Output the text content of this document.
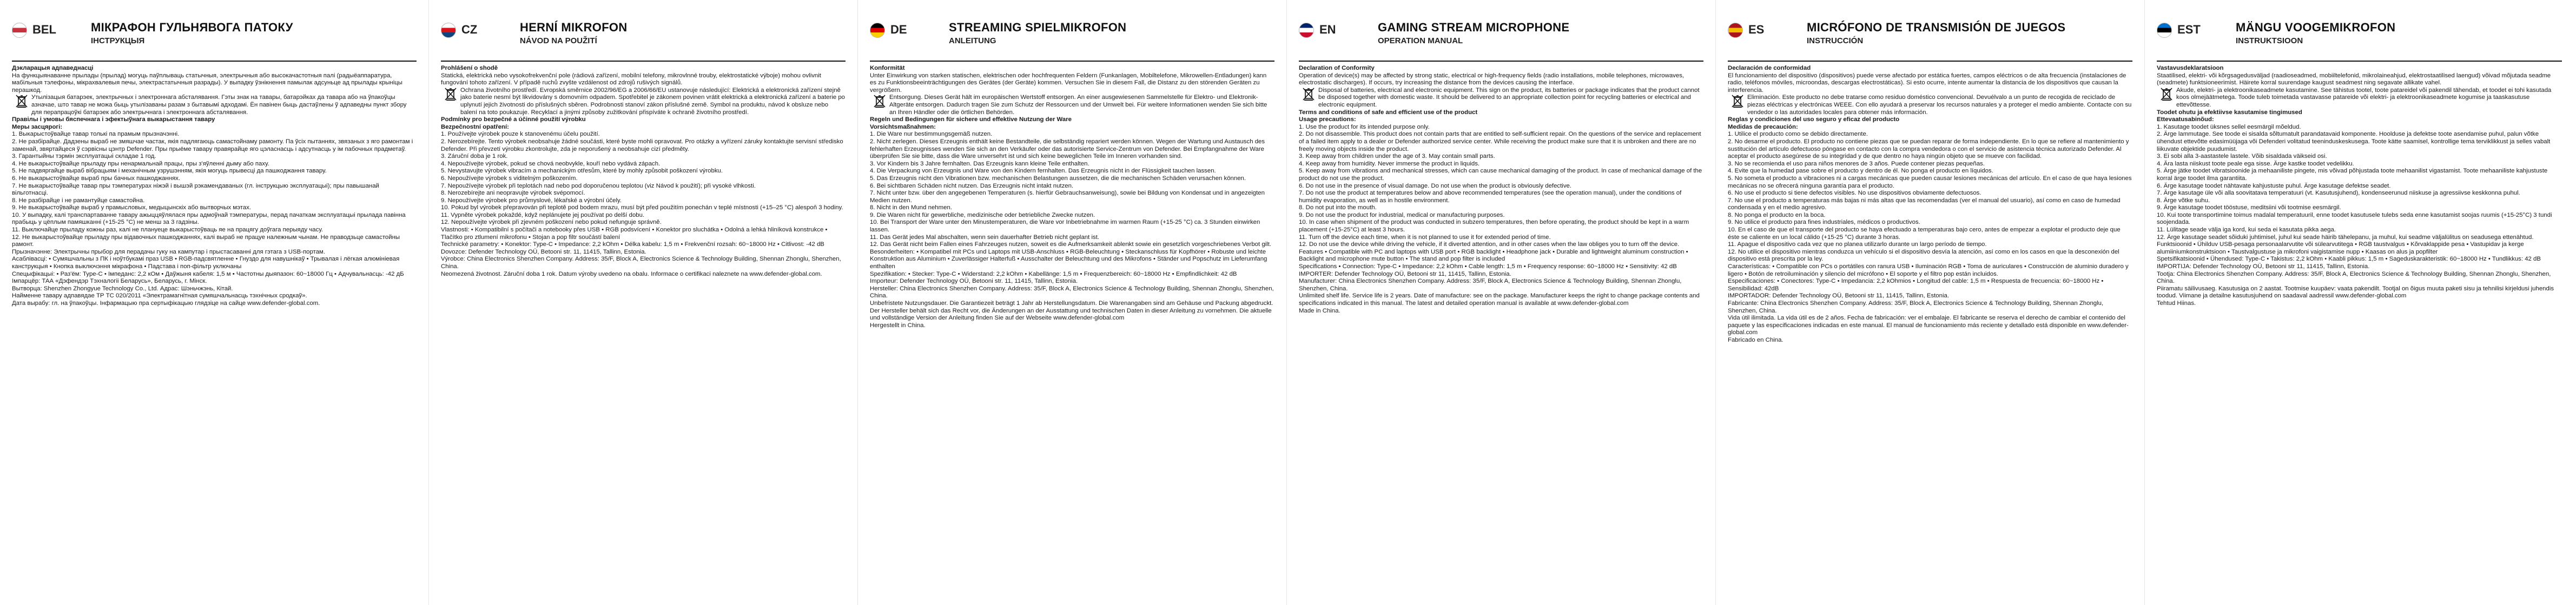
BEL	МІКРАФОН ГУЛЬНЯВОГА ПАТОКУ
ІНСТРУКЦЫЯ

Дэкларацыя адпаведнасці

На функцыянаванне прылады (прылад) могуць паўплываць статычныя, электрычныя або высокачастотныя палі (радыёаппаратура, мабільныя тэлефоны, мікрахвалевыя печы, электрастатычныя разрады). У выпадку ўзнікнення памылак адсуньце ад прылады крыніцы перашкод.

Утылізацыя батарэек, электрычных і электроннага абсталявання. Гэты знак на тавары, батарэйках да тавара або на ўпакоўцы азначае, што тавар не можа быць утылізаваны разам з бытавымі адходамі. Ён павінен быць дастаўлены ў адпаведны пункт збору для перапрацоўкі батарэек або электрычнага і электроннага абсталявання.

Правілы і умовы бяспечнага і эфектыўнага выкарыстання тавару

Меры засцярогі:

1. Выкарыстоўвайце тавар толькі па прамым прызначэнні.

2. Не разбірайце. Дадзены выраб не змяшчае частак, якія падлягаюць самастойнаму рамонту. Па ўсіх пытаннях, звязаных з яго рамонтам і заменай, звяртайцеся ў сэрвісны цэнтр Defender. Пры прыёме тавару правярайце яго цэласнасць і адсутнасць у ім пабочных прадметаў.

3. Гарантыйны тэрмін эксплуатацыі складае 1 год.

4. Не выкарыстоўвайце прыладу пры ненармальнай працы, пры з'яўленні дыму або паху.

5. Не падвяргайце выраб вібрацыям і механічным узрушэнням, якія могуць прывесці да пашкоджання тавару.

6. Не выкарыстоўвайце выраб пры бачных пашкоджаннях.

7. Не выкарыстоўвайце тавар пры тэмпературах ніжэй і вышэй рэкамендаваных (гл. інструкцыю эксплуатацыі); пры павышанай вільготнасці.

8. Не разбірайце і не рамантуйце самастойна.

9. Не выкарыстоўвайце выраб у прамысловых, медыцынскіх або вытворчых мэтах.

10. У выпадку, калі транспартаванне тавару ажыццяўлялася пры адмоўнай тэмпературы, перад пачаткам эксплуатацыі прылада павінна прабыць у цёплым памяшканні (+15-25 °С) не менш за 3 гадзіны.

11. Выключайце прыладу кожны раз, калі не плануеце выкарыстоўваць яе на працягу доўгага перыяду часу.

12. Не выкарыстоўвайце прыладу пры відавочных пашкоджаннях, калі выраб не працуе належным чынам. Не праводзьце самастойны рамонт.

Прызначэнне: Электрычны прыбор для перадачы гуку на кампутар і прыстасаванні для гэтага з USB-портам.

Асаблівасці: • Сумяшчальны з ПК і ноўтбукамі праз USB • RGB-падсвятленне • Гнуздо для навушнікаў • Трывалая і лёгкая алюмініевая канструкцыя • Кнопка выключэння мікрафона • Падстава і поп-фільтр уключаны

Спецыфікацыі: • Раз'ём: Type-C • Імпеданс: 2,2 кОм • Даўжыня кабеля: 1,5 м • Частотны дыяпазон: 60~18000 Гц • Адчувальнасць: -42 дБ

Імпарцёр: ТАА «Дэфендэр Тэхналогіі Беларусь», Беларусь, г. Мінск.

Вытворца: Shenzhen Zhongyue Technology Co., Ltd. Адрас: Шэньчжэнь, Кітай.

Найменне тавару адпавядае ТР ТС 020/2011 «Электрамагнітная сумяшчальнасць тэхнічных сродкаў».

Дата вырабу: гл. на ўпакоўцы. Інфармацыю пра сертыфікацыю глядзіце на сайце www.defender-global.com.

CZ	HERNÍ MIKROFON
NÁVOD NA POUŽITÍ

Prohlášení o shodě

Statická, elektrická nebo vysokofrekvenční pole (rádiová zařízení, mobilní telefony, mikrovlnné trouby, elektrostatické výboje) mohou ovlivnit fungování tohoto zařízení. V případě ruchů zvyšte vzdálenost od zdrojů rušivých signálů.

Ochrana životního prostředí. Evropská směrnice 2002/96/EG a 2006/66/EU ustanovuje následující: Elektrická a elektronická zařízení stejně jako baterie nesmí být likvidovány s domovním odpadem. Spotřebitel je zákonem povinen vrátit elektrická a elektronická zařízení a baterie po uplynutí jejich životnosti do příslušných sběren. Podrobnosti stanoví zákon příslušné země. Symbol na produktu, návod k obsluze nebo balení na toto poukazuje. Recyklací a jinými způsoby zužitkování přispíváte k ochraně životního prostředí.

Podmínky pro bezpečné a účinné použití výrobku

Bezpečnostní opatření:

1. Používejte výrobek pouze k stanovenému účelu použití.

2. Nerozebírejte. Tento výrobek neobsahuje žádné součásti, které byste mohli opravovat. Pro otázky a vyřízení záruky kontaktujte servisní středisko Defender. Při převzetí výrobku zkontrolujte, zda je neporušený a neobsahuje cizí předměty.

3. Záruční doba je 1 rok.

4. Nepoužívejte výrobek, pokud se chová neobvykle, kouří nebo vydává zápach.

5. Nevystavujte výrobek vibracím a mechanickým otřesům, které by mohly způsobit poškození výrobku.

6. Nepoužívejte výrobek s viditelným poškozením.

7. Nepoužívejte výrobek při teplotách nad nebo pod doporučenou teplotou (viz Návod k použití); při vysoké vlhkosti.

8. Nerozebírejte ani neopravujte výrobek svépomocí.

9. Nepoužívejte výrobek pro průmyslové, lékařské a výrobní účely.

10. Pokud byl výrobek přepravován při teplotě pod bodem mrazu, musí být před použitím ponechán v teplé místnosti (+15–25 °C) alespoň 3 hodiny.

11. Vypněte výrobek pokaždé, když neplánujete jej používat po delší dobu.

12. Nepoužívejte výrobek při zjevném poškození nebo pokud nefunguje správně.

Vlastnosti: • Kompatibilní s počítači a notebooky přes USB • RGB podsvícení • Konektor pro sluchátka • Odolná a lehká hliníková konstrukce • Tlačítko pro ztlumení mikrofonu • Stojan a pop filtr součástí balení

Technické parametry: • Konektor: Type-C • Impedance: 2,2 kOhm • Délka kabelu: 1,5 m • Frekvenční rozsah: 60~18000 Hz • Citlivost: -42 dB

Dovozce: Defender Technology OÜ, Betooni str. 11, 11415, Tallinn, Estonia.

Výrobce: China Electronics Shenzhen Company. Address: 35/F, Block A, Electronics Science & Technology Building, Shennan Zhonglu, Shenzhen, China.

Neomezená životnost. Záruční doba 1 rok. Datum výroby uvedeno na obalu. Informace o certifikaci naleznete na www.defender-global.com.

DE	STREAMING SPIELMIKROFON
ANLEITUNG

Konformität

Unter Einwirkung von starken statischen, elektrischen oder hochfrequenten Feldern (Funkanlagen, Mobiltelefone, Mikrowellen-Entladungen) kann es zu Funktionsbeeinträchtigungen des Gerätes (der Geräte) kommen. Versuchen Sie in diesem Fall, die Distanz zu den störenden Geräten zu vergrößern.

Entsorgung. Dieses Gerät hält im europäischen Wertstoff entsorgen. An einer ausgewiesenen Sammelstelle für Elektro- und Elektronik-Altgeräte entsorgen. Dadurch tragen Sie zum Schutz der Ressourcen und der Umwelt bei. Für weitere Informationen wenden Sie sich bitte an Ihren Händler oder die örtlichen Behörden.

Regeln und Bedingungen für sichere und effektive Nutzung der Ware

Vorsichtsmaßnahmen:

1. Die Ware nur bestimmungsgemäß nutzen.

2. Nicht zerlegen. Dieses Erzeugnis enthält keine Bestandteile, die selbständig repariert werden können. Wegen der Wartung und Austausch des fehlerhaften Erzeugnisses wenden Sie sich an den Verkäufer oder das autorisierte Service-Zentrum von Defender. Bei Empfangnahme der Ware überprüfen Sie sie bitte, dass die Ware unversehrt ist und sich keine beweglichen Teile im Inneren vorhanden sind.

3. Vor Kindern bis 3 Jahre fernhalten. Das Erzeugnis kann kleine Teile enthalten.

4. Die Verpackung von Erzeugnis und Ware von den Kindern fernhalten. Das Erzeugnis nicht in der Flüssigkeit tauchen lassen.

5. Das Erzeugnis nicht den Vibrationen bzw. mechanischen Belastungen aussetzen, die die mechanischen Schäden verursachen können.

6. Bei sichtbaren Schäden nicht nutzen. Das Erzeugnis nicht intakt nutzen.

7. Nicht unter bzw. über den angegebenen Temperaturen (s. hierfür Gebrauchsanweisung), sowie bei Bildung von Kondensat und in angezeigten Medien nutzen.

8. Nicht in den Mund nehmen.

9. Die Waren nicht für gewerbliche, medizinische oder betriebliche Zwecke nutzen.

10. Bei Transport der Ware unter den Minustemperaturen, die Ware vor Inbetriebnahme im warmen Raum (+15-25 °C) ca. 3 Stunden einwirken lassen.

11. Das Gerät jedes Mal abschalten, wenn sein dauerhafter Betrieb nicht geplant ist.

12. Das Gerät nicht beim Fallen eines Fahrzeuges nutzen, soweit es die Aufmerksamkeit ablenkt sowie ein gesetzlich vorgeschriebenes Verbot gilt.

Besonderheiten: • Kompatibel mit PCs und Laptops mit USB-Anschluss • RGB-Beleuchtung • Steckanschluss für Kopfhörer • Robuste und leichte Konstruktion aus Aluminium • Zuverlässiger Halterfuß • Ausschalter der Beleuchtung und des Mikrofons • Ständer und Popschutz im Lieferumfang enthalten

Spezifikation: • Stecker: Type-C • Widerstand: 2,2 kOhm • Kabellänge: 1,5 m • Frequenzbereich: 60~18000 Hz • Empfindlichkeit: 42 dB

Importeur: Defender Technology OÜ, Betooni str. 11, 11415, Tallinn, Estonia.

Hersteller: China Electronics Shenzhen Company. Address: 35/F, Block A, Electronics Science & Technology Building, Shennan Zhonglu, Shenzhen, China.

Unbefristete Nutzungsdauer. Die Garantiezeit beträgt 1 Jahr ab Herstellungsdatum. Die Warenangaben sind am Gehäuse und Packung abgedruckt. Der Hersteller behält sich das Recht vor, die Änderungen an der Ausstattung und technischen Daten in dieser Anleitung zu vornehmen. Die aktuelle und vollständige Version der Anleitung finden Sie auf der Webseite www.defender-global.com

Hergestellt in China.

EN	GAMING STREAM MICROPHONE
OPERATION MANUAL

Declaration of Conformity

Operation of device(s) may be affected by strong static, electrical or high-frequency fields (radio installations, mobile telephones, microwaves, electrostatic discharges). If occurs, try increasing the distance from the devices causing the interface.

Disposal of batteries, electrical and electronic equipment. This sign on the product, its batteries or package indicates that the product cannot be disposed together with domestic waste. It should be delivered to an appropriate collection point for recycling batteries or electrical and electronic equipment.

Terms and conditions of safe and efficient use of the product

Usage precautions:

1. Use the product for its intended purpose only.

2. Do not disassemble. This product does not contain parts that are entitled to self-sufficient repair. On the questions of the service and replacement of a failed item apply to a dealer or Defender authorized service center. While receiving the product make sure that it is unbroken and there are no freely moving objects inside the product.

3. Keep away from children under the age of 3. May contain small parts.

4. Keep away from humidity. Never immerse the product in liquids.

5. Keep away from vibrations and mechanical stresses, which can cause mechanical damaging of the product. In case of mechanical damage of the product do not use the product.

6. Do not use in the presence of visual damage. Do not use when the product is obviously defective.

7. Do not use the product at temperatures below and above recommended temperatures (see the operation manual), under the conditions of humidity evaporation, as well as in hostile environment.

8. Do not put into the mouth.

9. Do not use the product for industrial, medical or manufacturing purposes.

10. In case when shipment of the product was conducted in subzero temperatures, then before operating, the product should be kept in a warm placement (+15-25°C) at least 3 hours.

11. Turn off the device each time, when it is not planned to use it for extended period of time.

12. Do not use the device while driving the vehicle, if it diverted attention, and in other cases when the law obliges you to turn off the device.

Features • Compatible with PC and laptops with USB port • RGB backlight • Headphone jack • Durable and lightweight aluminum construction • Backlight and microphone mute button • The stand and pop filter is included

Specifications • Connection: Type-C • Impedance: 2,2 kOhm • Cable length: 1,5 m • Frequency response: 60~18000 Hz • Sensitivity: 42 dB

IMPORTER: Defender Technology OÜ, Betooni str 11, 11415, Tallinn, Estonia.

Manufacturer: China Electronics Shenzhen Company. Address: 35/F, Block A, Electronics Science & Technology Building, Shennan Zhonglu, Shenzhen, China.

Unlimited shelf life. Service life is 2 years. Date of manufacture: see on the package. Manufacturer keeps the right to change package contents and specifications indicated in this manual. The latest and detailed operation manual is available at www.defender-global.com

Made in China.

ES	MICRÓFONO DE TRANSMISIÓN DE JUEGOS
INSTRUCCIÓN

Declaración de conformidad

El funcionamiento del dispositivo (dispositivos) puede verse afectado por estática fuertes, campos eléctricos o de alta frecuencia (instalaciones de radio, teléfonos móviles, microondas, descargas electrostáticas). Si esto ocurre, intente aumentar la distancia de los dispositivos que causan la interferencia.

Eliminación. Este producto no debe tratarse como residuo doméstico convencional. Devuélvalo a un punto de recogida de reciclado de piezas eléctricas y electrónicas WEEE. Con ello ayudará a preservar los recursos naturales y a proteger el medio ambiente. Contacte con su vendedor o las autoridades locales para obtener más información.

Reglas y condiciones del uso seguro y eficaz del producto

Medidas de precaución:

1. Utilice el producto como se debido directamente.

2. No desarme el producto. El producto no contiene piezas que se puedan reparar de forma independiente. En lo que se refiere al mantenimiento y sustitución del artículo defectuoso póngase en contacto con la compra vendedora o con el servicio de asistencia técnica autorizado Defender. Al aceptar el producto asegúrese de su integridad y de que dentro no haya ningún objeto que se mueve con facilidad.

3. No se recomienda el uso para niños menores de 3 años. Puede contener piezas pequeñas.

4. Evite que la humedad pase sobre el producto y dentro de él. No ponga el producto en líquidos.

5. No someta el producto a vibraciones ni a cargas mecánicas que pueden causar lesiones mecánicas del artículo. En el caso de que haya lesiones mecánicas no se ofrecerá ninguna garantía para el producto.

6. No use el producto si tiene defectos visibles. No use dispositivos obviamente defectuosos.

7. No use el producto a temperaturas más bajas ni más altas que las recomendadas (ver el manual del usuario), así como en caso de humedad condensada y en el medio agresivo.

8. No ponga el producto en la boca.

9. No utilice el producto para fines industriales, médicos o productivos.

10. En el caso de que el transporte del producto se haya efectuado a temperaturas bajo cero, antes de empezar a explotar el producto deje que éste se caliente en un local cálido (+15-25 °C) durante 3 horas.

11. Apague el dispositivo cada vez que no planea utilizarlo durante un largo período de tiempo.

12. No utilice el dispositivo mientras conduzca un vehículo si el dispositivo desvía la atención, así como en los casos en que la desconexión del dispositivo está prescrita por la ley.

Características: • Compatible con PCs o portátiles con ranura USB • Iluminación RGB • Toma de auriculares • Construcción de aluminio duradero y ligero • Botón de retroiluminación y silencio del micrófono • El soporte y el filtro pop están incluidos.

Especificaciones: • Conectores: Type-C • Impedancia: 2,2 kOhmios • Longitud del cable: 1,5 m • Respuesta de frecuencia: 60~18000 Hz • Sensibilidad: 42dB

IMPORTADOR: Defender Technology OÜ, Betooni str 11, 11415, Tallinn, Estonia.

Fabricante: China Electronics Shenzhen Company. Address: 35/F, Block A, Electronics Science & Technology Building, Shennan Zhonglu, Shenzhen, China.

Vida útil ilimitada. La vida útil es de 2 años. Fecha de fabricación: ver el embalaje. El fabricante se reserva el derecho de cambiar el contenido del paquete y las especificaciones indicadas en este manual. El manual de funcionamiento más reciente y detallado está disponible en www.defender-global.com

Fabricado en China.

EST	MÄNGU VOOGEMIKROFON
INSTRUKTSIOON

Vastavusdeklaratsioon

Staatilised, elektri- või kõrgsagedusväljad (raadioseadmed, mobiiltelefonid, mikrolaineahjud, elektrostaatilised laengud) võivad mõjutada seadme (seadmete) funktsioneerimist. Häirete korral suurendage kaugust seadmest ning segavate allikate vahel.

Akude, elektri- ja elektroonikaseadmete kasutamine. See tähistus tootel, toote patareidel või pakendil tähendab, et toodet ei tohi kasutada koos olmejäätmetega. Toode tuleb toimetada vastavasse patareide või elektri- ja elektroonikaseadmete kogumise ja taaskasutuse ettevõttesse.

Toodet ohutu ja efektiivse kasutamise tingimused

Ettevaatusabinõud:

1. Kasutage toodet üksnes sellel eesmärgil mõeldud.

2. Ärge lammutage. See toode ei sisalda sõltumatult parandatavaid komponente. Hoolduse ja defektse toote asendamise puhul, palun võtke ühendust ettevõtte edasimüüjaga või Defenderi volitatud teeninduskeskusega. Toote kätte saamisel, kontrollige tema terviklikkust ja selles vabalt liikuvate objektide puudumist.

3. Ei sobi alla 3-aastastele lastele. Võib sisaldada väikseid osi.

4. Ära lasta niiskust toote peale ega sisse. Ärge kastke toodet vedelikku.

5. Ärge jätke toodet vibratsioonide ja mehaaniliste pingete, mis võivad põhjustada toote mehaanilist vigastamist. Toote mehaaniliste kahjustuste korral ärge toodet ilma garantiita.

6. Ärge kasutage toodet nähtavate kahjustuste puhul. Ärge kasutage defektse seadet.

7. Ärge kasutage üle või alla soovitatava temperatuuri (vt. Kasutusjuhend), kondenseerunud niiskuse ja agressiivse keskkonna puhul.

8. Ärge võtke suhu.

9. Ärge kasutage toodet tööstuse, meditsiini või tootmise eesmärgil.

10. Kui toote transportimine toimus madalal temperatuuril, enne toodet kasutusele tulebs seda enne kasutamist soojas ruumis (+15-25°C) 3 tundi soojendada.

11. Lülitage seade välja iga kord, kui seda ei kasutata pikka aega.

12. Ärge kasutage seadet sõiduki juhtimisel, juhul kui seade häirib tähelepanu, ja muhul, kui seadme väljalülitus on seadusega ettenähtud.

Funktsioonid • Ühilduv USB-pesaga personaalarvutite või sülearvutitega • RGB taustvalgus • Kõrvaklappide pesa • Vastupidav ja kerge alumiiniumkonstruktsioon • Taustvalgustuse ja mikrofoni vaigistamise nupp • Kaasas on alus ja popfilter

Spetsifikatsioonid • Ühendused: Type-C • Takistus: 2,2 kOhm • Kaabli pikkus: 1,5 m • Sageduskarakteristik: 60~18000 Hz • Tundlikkus: 42 dB

IMPORTIJA: Defender Technology OÜ, Betooni str 11, 11415, Tallinn, Estonia.

Tootja: China Electronics Shenzhen Company. Address: 35/F, Block A, Electronics Science & Technology Building, Shennan Zhonglu, Shenzhen, China.

Piiramatu säilivusaeg. Kasutusiga on 2 aastat. Tootmise kuupäev: vaata pakendilt. Tootjal on õigus muuta paketi sisu ja tehnilisi kirjeldusi juhendis toodud. Viimane ja detailne kasutusjuhend on saadaval aadressil www.defender-global.com

Tehtud Hiinas.
